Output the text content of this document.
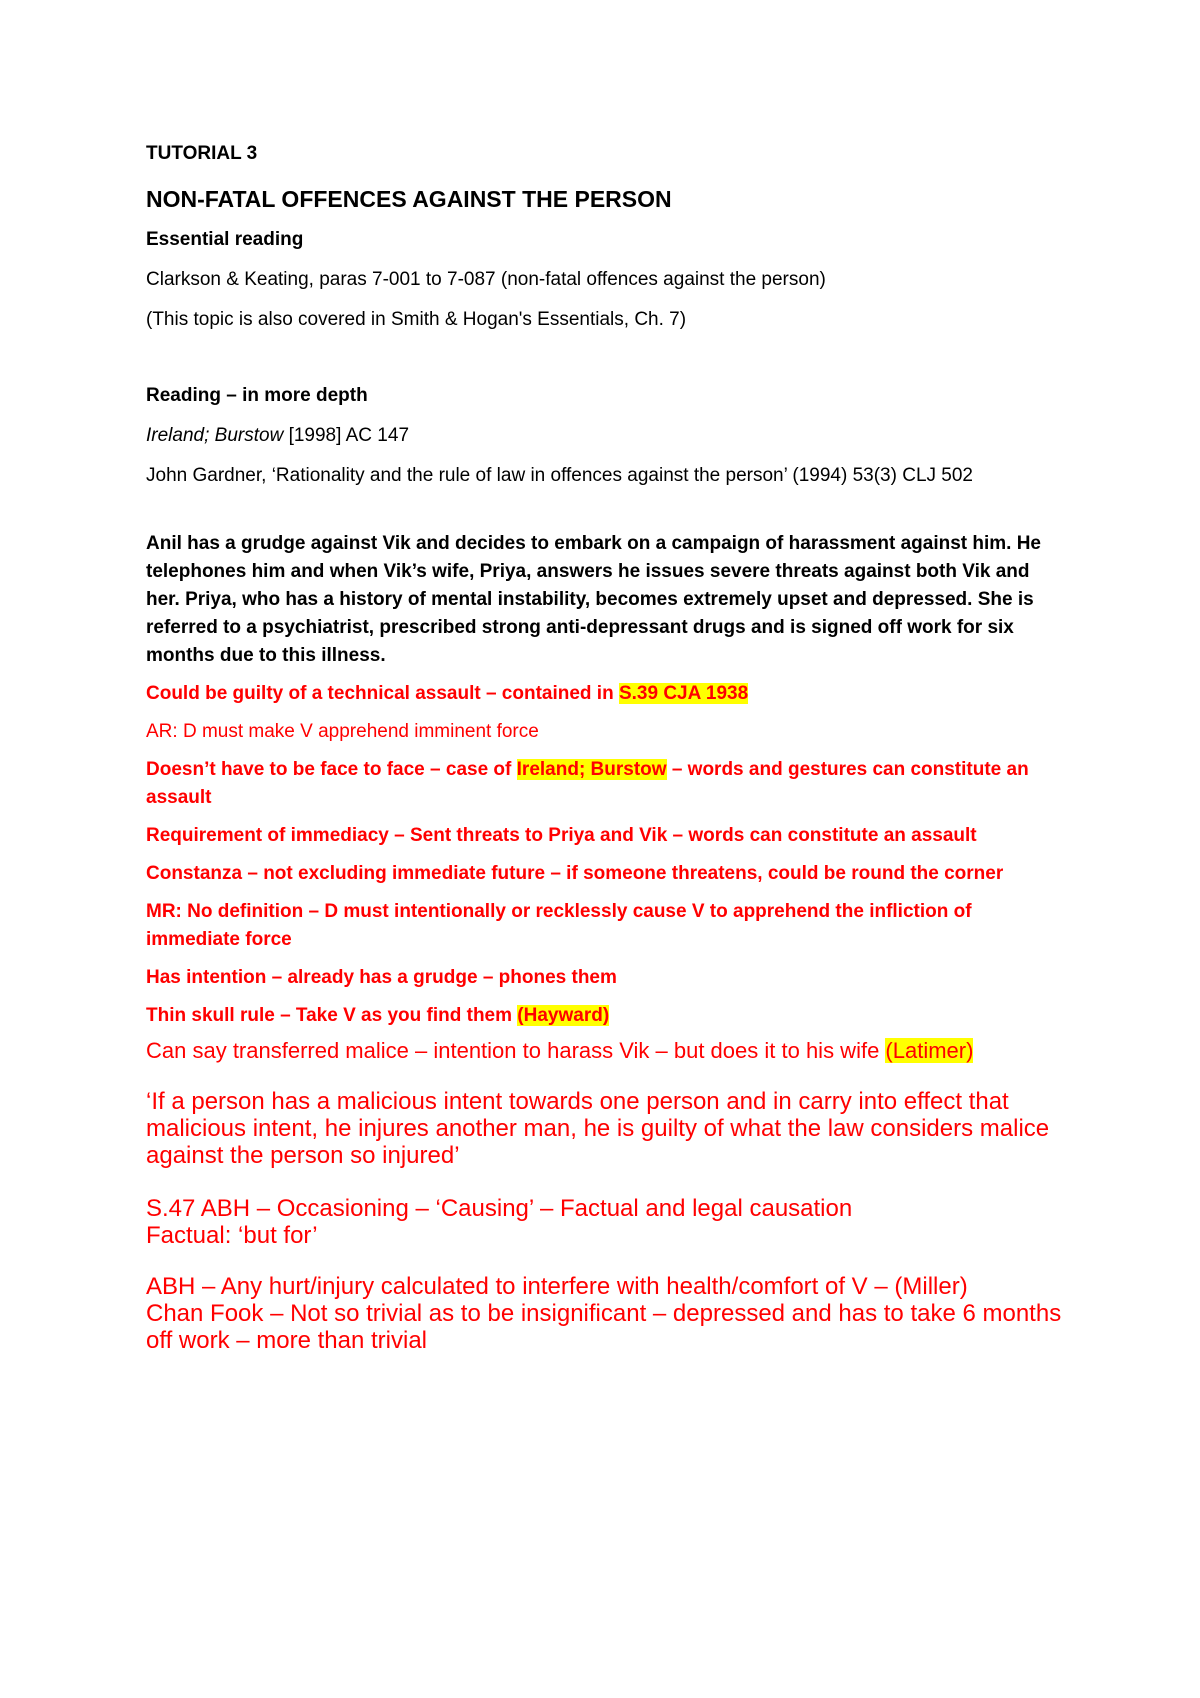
TUTORIAL 3

NON-FATAL OFFENCES AGAINST THE PERSON

Essential reading

Clarkson & Keating, paras 7-001 to 7-087 (non-fatal offences against the person)

(This topic is also covered in Smith & Hogan's Essentials, Ch. 7)

Reading – in more depth

Ireland; Burstow [1998] AC 147

John Gardner, ‘Rationality and the rule of law in offences against the person’ (1994) 53(3) CLJ 502

Anil has a grudge against Vik and decides to embark on a campaign of harassment against him. He telephones him and when Vik’s wife, Priya, answers he issues severe threats against both Vik and her. Priya, who has a history of mental instability, becomes extremely upset and depressed. She is referred to a psychiatrist, prescribed strong anti-depressant drugs and is signed off work for six months due to this illness.

Could be guilty of a technical assault – contained in S.39 CJA 1938

AR: D must make V apprehend imminent force

Doesn’t have to be face to face – case of Ireland; Burstow – words and gestures can constitute an assault

Requirement of immediacy – Sent threats to Priya and Vik – words can constitute an assault

Constanza – not excluding immediate future – if someone threatens, could be round the corner

MR: No definition – D must intentionally or recklessly cause V to apprehend the infliction of immediate force

Has intention – already has a grudge – phones them

Thin skull rule – Take V as you find them (Hayward)

Can say transferred malice – intention to harass Vik – but does it to his wife (Latimer)

‘If a person has a malicious intent towards one person and in carry into effect that malicious intent, he injures another man, he is guilty of what the law considers malice against the person so injured’

S.47 ABH – Occasioning – ‘Causing’ – Factual and legal causation

Factual: ‘but for’

ABH – Any hurt/injury calculated to interfere with health/comfort of V – (Miller)

Chan Fook – Not so trivial as to be insignificant – depressed and has to take 6 months off work – more than trivial
